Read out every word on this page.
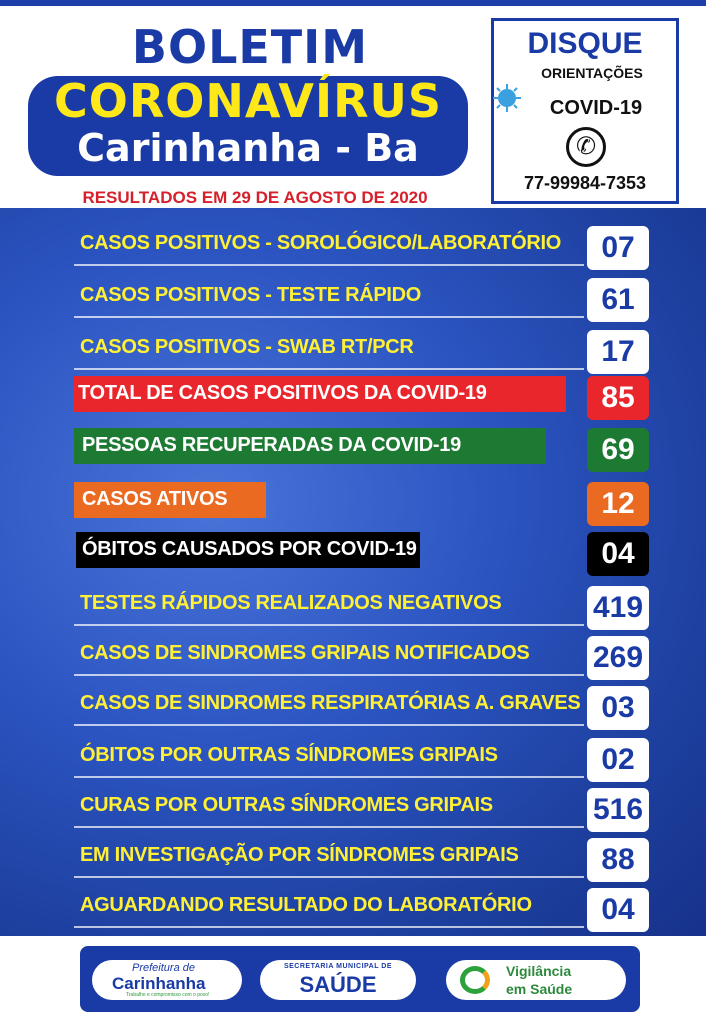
BOLETIM
CORONAVÍRUS
Carinhanha - Ba
RESULTADOS EM 29 DE AGOSTO DE 2020
DISQUE
ORIENTAÇÕES
COVID-19
✆
77-99984-7353
CASOS POSITIVOS - SOROLÓGICO/LABORATÓRIO	07
CASOS POSITIVOS - TESTE RÁPIDO	61
CASOS POSITIVOS - SWAB RT/PCR	17
TOTAL DE CASOS POSITIVOS DA COVID-19	85
PESSOAS RECUPERADAS DA COVID-19	69
CASOS ATIVOS	12
ÓBITOS CAUSADOS POR COVID-19	04
TESTES RÁPIDOS REALIZADOS NEGATIVOS	419
CASOS DE SINDROMES GRIPAIS NOTIFICADOS 269
CASOS DE SINDROMES RESPIRATÓRIAS A. GRAVES 03
ÓBITOS POR OUTRAS SÍNDROMES GRIPAIS	02
CURAS POR OUTRAS SÍNDROMES GRIPAIS	516
EM INVESTIGAÇÃO POR SÍNDROMES GRIPAIS	88
AGUARDANDO RESULTADO DO LABORATÓRIO	04
Prefeitura de
Carinhanha
Trabalho e compromisso com o povo!
SECRETARIA MUNICIPAL DE
SAÚDE
Vigilância
em Saúde
